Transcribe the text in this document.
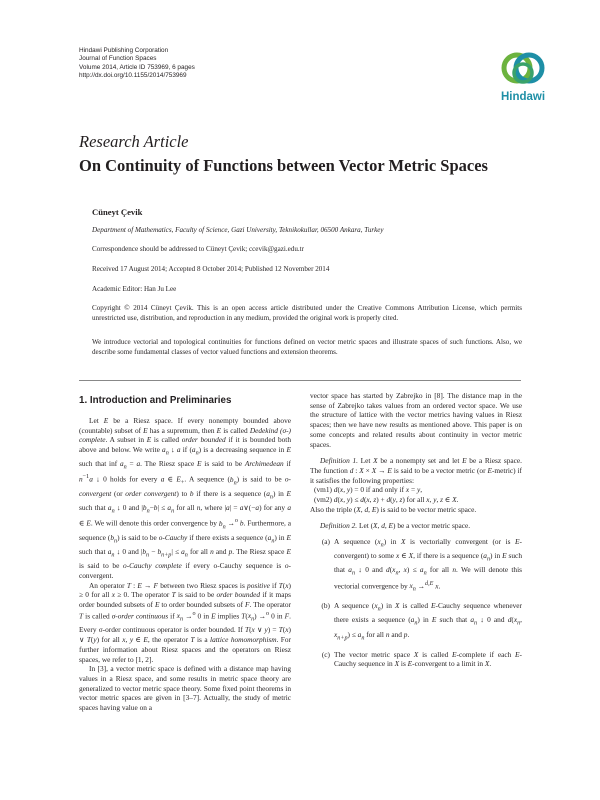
Hindawi Publishing Corporation
Journal of Function Spaces
Volume 2014, Article ID 753969, 6 pages
http://dx.doi.org/10.1155/2014/753969
Hindawi
Research Article
On Continuity of Functions between Vector Metric Spaces
Cüneyt Çevik
Department of Mathematics, Faculty of Science, Gazi University, Teknikokullar, 06500 Ankara, Turkey
Correspondence should be addressed to Cüneyt Çevik; ccevik@gazi.edu.tr
Received 17 August 2014; Accepted 8 October 2014; Published 12 November 2014
Academic Editor: Han Ju Lee
Copyright © 2014 Cüneyt Çevik. This is an open access article distributed under the Creative Commons Attribution License, which permits unrestricted use, distribution, and reproduction in any medium, provided the original work is properly cited.
We introduce vectorial and topological continuities for functions defined on vector metric spaces and illustrate spaces of such functions. Also, we describe some fundamental classes of vector valued functions and extension theorems.
1. Introduction and Preliminaries

Let E be a Riesz space. If every nonempty bounded above (countable) subset of E has a supremum, then E is called Dedekind (σ-) complete. A subset in E is called order bounded if it is bounded both above and below. We write $a_n$ ↓ a if $(a_n)$ is a decreasing sequence in E such that inf $a_n = a$. The Riesz space E is said to be Archimedean if $n^{-1}a$ ↓ 0 holds for every a ∈ $E_+$. A sequence $(b_n)$ is said to be o-convergent (or order convergent) to b if there is a sequence $(a_n)$ in E such that $a_n$ ↓ 0 and $|b_n-b| \le a_n$ for all n, where |a| = a∨(−a) for any a ∈ E. We will denote this order convergence by $b_n \to^o$ b. Furthermore, a sequence $(b_n)$ is said to be o-Cauchy if there exists a sequence $(a_n)$ in E such that $a_n$ ↓ 0 and $|b_n - b_{n+p}| \le a_n$ for all n and p. The Riesz space E is said to be o-Cauchy complete if every o-Cauchy sequence is o-convergent.

An operator T : E → F between two Riesz spaces is positive if T(x) ≥ 0 for all x ≥ 0. The operator T is said to be order bounded if it maps order bounded subsets of E to order bounded subsets of F. The operator T is called σ-order continuous if $x_n \to^o$ 0 in E implies $T(x_n) \to^o$ 0 in F. Every σ-order continuous operator is order bounded. If T(x ∨ y) = T(x) ∨ T(y) for all x, y ∈ E, the operator T is a lattice homomorphism. For further information about Riesz spaces and the operators on Riesz spaces, we refer to [1, 2].

In [3], a vector metric space is defined with a distance map having values in a Riesz space, and some results in metric space theory are generalized to vector metric space theory. Some fixed point theorems in vector metric spaces are given in [3–7]. Actually, the study of metric spaces having value on a

vector space has started by Zabrejko in [8]. The distance map in the sense of Zabrejko takes values from an ordered vector space. We use the structure of lattice with the vector metrics having values in Riesz spaces; then we have new results as mentioned above. This paper is on some concepts and related results about continuity in vector metric spaces.

Definition 1. Let X be a nonempty set and let E be a Riesz space. The function d : X × X → E is said to be a vector metric (or E-metric) if it satisfies the following properties:

(vm1) d(x, y) = 0 if and only if x = y,

(vm2) d(x, y) ≤ d(x, z) + d(y, z) for all x, y, z ∈ X.

Also the triple (X, d, E) is said to be vector metric space.

Definition 2. Let (X, d, E) be a vector metric space.

(a) A sequence $(x_n)$ in X is vectorially convergent (or is E-convergent) to some x ∈ X, if there is a sequence $(a_n)$ in E such that $a_n$ ↓ 0 and $d(x_n$, $x) \le a_n$ for all n. We will denote this vectorial convergence by $x_n \to^{d,E}$ x.
(b) A sequence $(x_n)$ in X is called E-Cauchy sequence whenever there exists a sequence $(a_n)$ in E such that $a_n$ ↓ 0 and $d(x_n$, $x_{n+p}) \le a_n$ for all n and p.
(c) The vector metric space X is called E-complete if each E-Cauchy sequence in X is E-convergent to a limit in X.
